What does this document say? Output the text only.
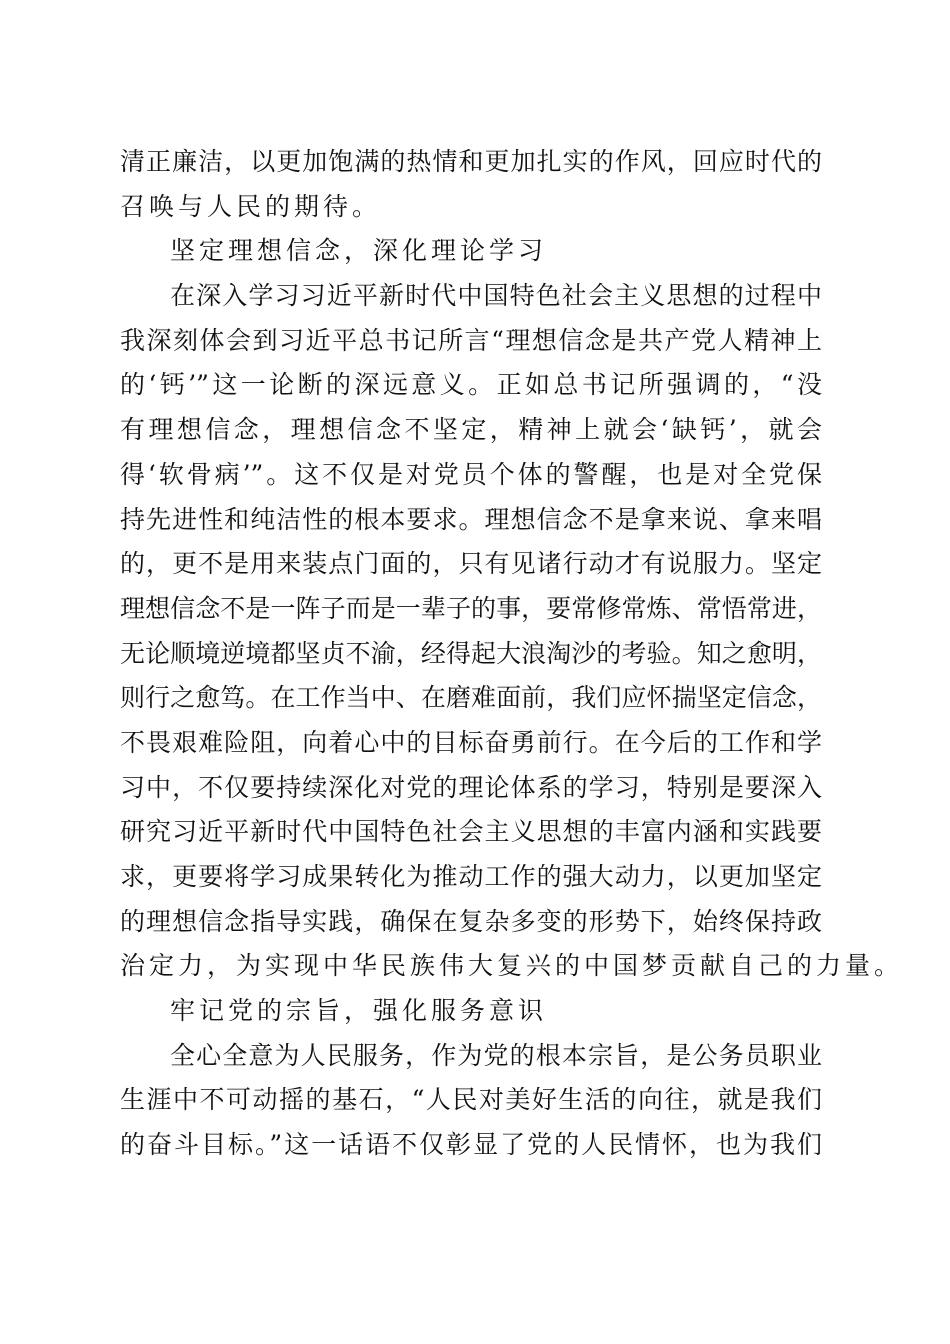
清正廉洁，以更加饱满的热情和更加扎实的作风，回应时代的
召唤与人民的期待。
坚定理想信念，深化理论学习
在深入学习习近平新时代中国特色社会主义思想的过程中
我深刻体会到习近平总书记所言“理想信念是共产党人精神上
的‘钙’”这一论断的深远意义。正如总书记所强调的，“没
有理想信念，理想信念不坚定，精神上就会‘缺钙’，就会
得‘软骨病’”。这不仅是对党员个体的警醒，也是对全党保
持先进性和纯洁性的根本要求。理想信念不是拿来说、拿来唱
的，更不是用来装点门面的，只有见诸行动才有说服力。坚定
理想信念不是一阵子而是一辈子的事，要常修常炼、常悟常进，
无论顺境逆境都坚贞不渝，经得起大浪淘沙的考验。知之愈明，
则行之愈笃。在工作当中、在磨难面前，我们应怀揣坚定信念，
不畏艰难险阻，向着心中的目标奋勇前行。在今后的工作和学
习中，不仅要持续深化对党的理论体系的学习，特别是要深入
研究习近平新时代中国特色社会主义思想的丰富内涵和实践要
求，更要将学习成果转化为推动工作的强大动力，以更加坚定
的理想信念指导实践，确保在复杂多变的形势下，始终保持政
治定力，为实现中华民族伟大复兴的中国梦贡献自己的力量。
牢记党的宗旨，强化服务意识
全心全意为人民服务，作为党的根本宗旨，是公务员职业
生涯中不可动摇的基石，“人民对美好生活的向往，就是我们
的奋斗目标。”这一话语不仅彰显了党的人民情怀，也为我们
